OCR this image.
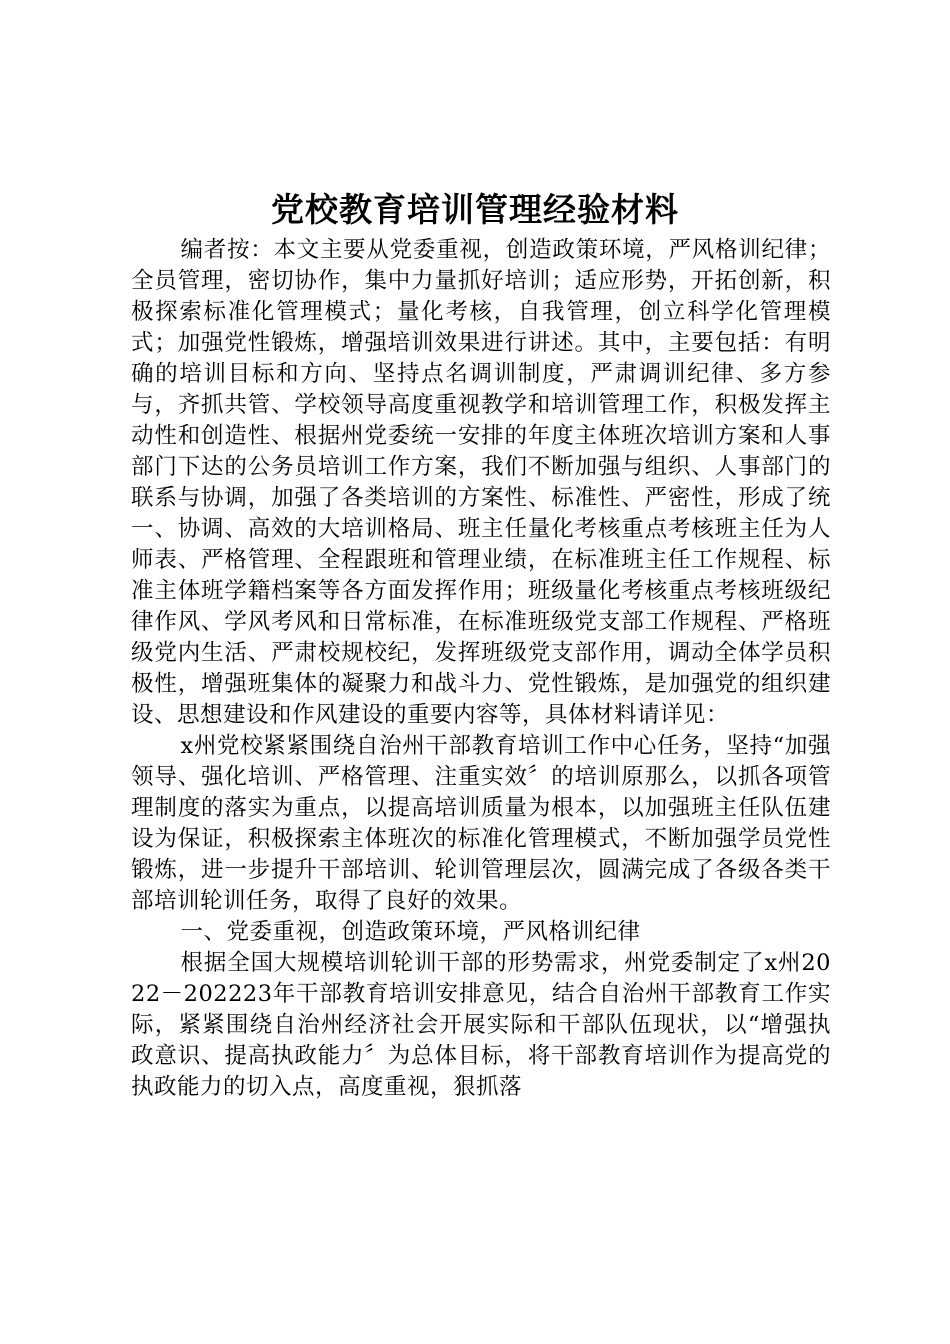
党校教育培训管理经验材料

编者按：本文主要从党委重视，创造政策环境，严风格训纪律；全员管理，密切协作，集中力量抓好培训；适应形势，开拓创新，积极探索标准化管理模式；量化考核，自我管理，创立科学化管理模式；加强党性锻炼，增强培训效果进行讲述。其中，主要包括：有明确的培训目标和方向、坚持点名调训制度，严肃调训纪律、多方参与，齐抓共管、学校领导高度重视教学和培训管理工作，积极发挥主动性和创造性、根据州党委统一安排的年度主体班次培训方案和人事部门下达的公务员培训工作方案，我们不断加强与组织、人事部门的联系与协调，加强了各类培训的方案性、标准性、严密性，形成了统一、协调、高效的大培训格局、班主任量化考核重点考核班主任为人师表、严格管理、全程跟班和管理业绩，在标准班主任工作规程、标准主体班学籍档案等各方面发挥作用；班级量化考核重点考核班级纪律作风、学风考风和日常标准，在标准班级党支部工作规程、严格班级党内生活、严肃校规校纪，发挥班级党支部作用，调动全体学员积极性，增强班集体的凝聚力和战斗力、党性锻炼，是加强党的组织建设、思想建设和作风建设的重要内容等，具体材料请详见：

x州党校紧紧围绕自治州干部教育培训工作中心任务，坚持“加强领导、强化培训、严格管理、注重实效〞的培训原那么，以抓各项管理制度的落实为重点，以提高培训质量为根本，以加强班主任队伍建设为保证，积极探索主体班次的标准化管理模式，不断加强学员党性锻炼，进一步提升干部培训、轮训管理层次，圆满完成了各级各类干部培训轮训任务，取得了良好的效果。

一、党委重视，创造政策环境，严风格训纪律

根据全国大规模培训轮训干部的形势需求，州党委制定了x州2022－202223年干部教育培训安排意见，结合自治州干部教育工作实际，紧紧围绕自治州经济社会开展实际和干部队伍现状，以“增强执政意识、提高执政能力〞为总体目标，将干部教育培训作为提高党的执政能力的切入点，高度重视，狠抓落
